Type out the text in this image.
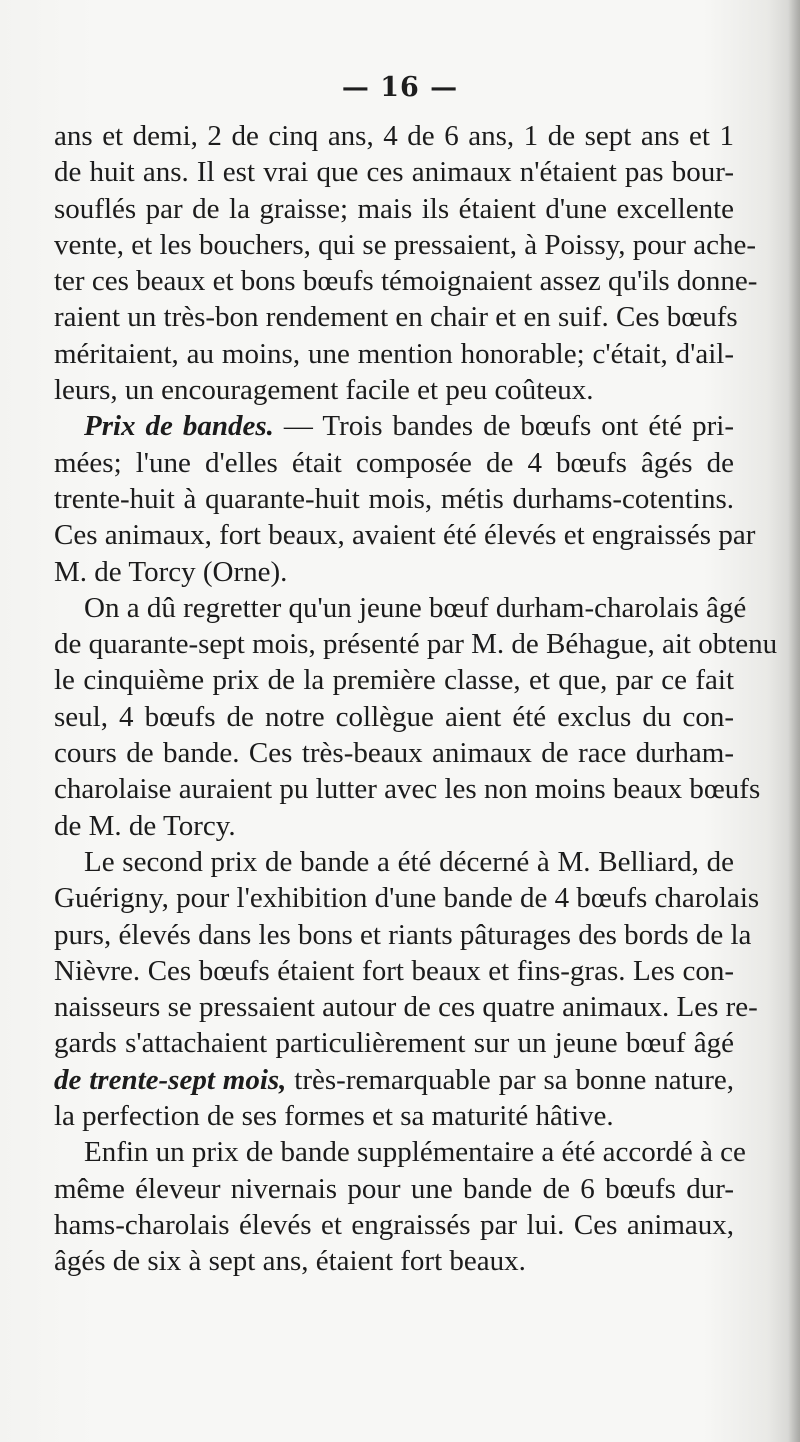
— 16 —
ans et demi, 2 de cinq ans, 4 de 6 ans, 1 de sept ans et 1
de huit ans. Il est vrai que ces animaux n'étaient pas bour-
souflés par de la graisse; mais ils étaient d'une excellente
vente, et les bouchers, qui se pressaient, à Poissy, pour ache-
ter ces beaux et bons bœufs témoignaient assez qu'ils donne-
raient un très-bon rendement en chair et en suif. Ces bœufs
méritaient, au moins, une mention honorable; c'était, d'ail-
leurs, un encouragement facile et peu coûteux.
Prix de bandes. — Trois bandes de bœufs ont été pri-
mées; l'une d'elles était composée de 4 bœufs âgés de
trente-huit à quarante-huit mois, métis durhams-cotentins.
Ces animaux, fort beaux, avaient été élevés et engraissés par
M. de Torcy (Orne).
On a dû regretter qu'un jeune bœuf durham-charolais âgé
de quarante-sept mois, présenté par M. de Béhague, ait obtenu
le cinquième prix de la première classe, et que, par ce fait
seul, 4 bœufs de notre collègue aient été exclus du con-
cours de bande. Ces très-beaux animaux de race durham-
charolaise auraient pu lutter avec les non moins beaux bœufs
de M. de Torcy.
Le second prix de bande a été décerné à M. Belliard, de
Guérigny, pour l'exhibition d'une bande de 4 bœufs charolais
purs, élevés dans les bons et riants pâturages des bords de la
Nièvre. Ces bœufs étaient fort beaux et fins-gras. Les con-
naisseurs se pressaient autour de ces quatre animaux. Les re-
gards s'attachaient particulièrement sur un jeune bœuf âgé
de trente-sept mois, très-remarquable par sa bonne nature,
la perfection de ses formes et sa maturité hâtive.
Enfin un prix de bande supplémentaire a été accordé à ce
même éleveur nivernais pour une bande de 6 bœufs dur-
hams-charolais élevés et engraissés par lui. Ces animaux,
âgés de six à sept ans, étaient fort beaux.
